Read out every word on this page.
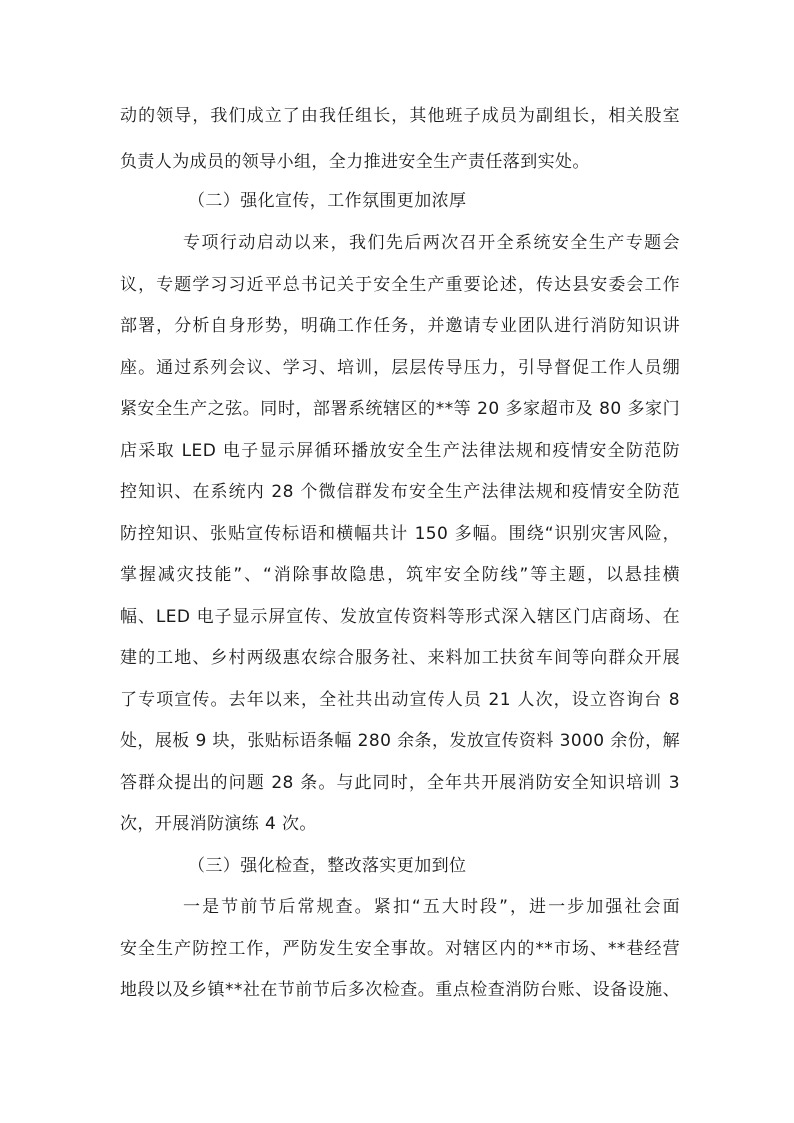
动的领导，我们成立了由我任组长，其他班子成员为副组长，相关股室
负责人为成员的领导小组，全力推进安全生产责任落到实处。
（二）强化宣传，工作氛围更加浓厚
专项行动启动以来，我们先后两次召开全系统安全生产专题会
议，专题学习习近平总书记关于安全生产重要论述，传达县安委会工作
部署，分析自身形势，明确工作任务，并邀请专业团队进行消防知识讲
座。通过系列会议、学习、培训，层层传导压力，引导督促工作人员绷
紧安全生产之弦。同时，部署系统辖区的**等 20 多家超市及 80 多家门
店采取 LED 电子显示屏循环播放安全生产法律法规和疫情安全防范防
控知识、在系统内 28 个微信群发布安全生产法律法规和疫情安全防范
防控知识、张贴宣传标语和横幅共计 150 多幅。围绕“识别灾害风险，
掌握减灾技能”、“消除事故隐患，筑牢安全防线”等主题，以悬挂横
幅、LED 电子显示屏宣传、发放宣传资料等形式深入辖区门店商场、在
建的工地、乡村两级惠农综合服务社、来料加工扶贫车间等向群众开展
了专项宣传。去年以来，全社共出动宣传人员 21 人次，设立咨询台 8
处，展板 9 块，张贴标语条幅 280 余条，发放宣传资料 3000 余份，解
答群众提出的问题 28 条。与此同时，全年共开展消防安全知识培训 3
次，开展消防演练 4 次。
（三）强化检查，整改落实更加到位
一是节前节后常规查。紧扣“五大时段”，进一步加强社会面
安全生产防控工作，严防发生安全事故。对辖区内的**市场、**巷经营
地段以及乡镇**社在节前节后多次检查。重点检查消防台账、设备设施、
